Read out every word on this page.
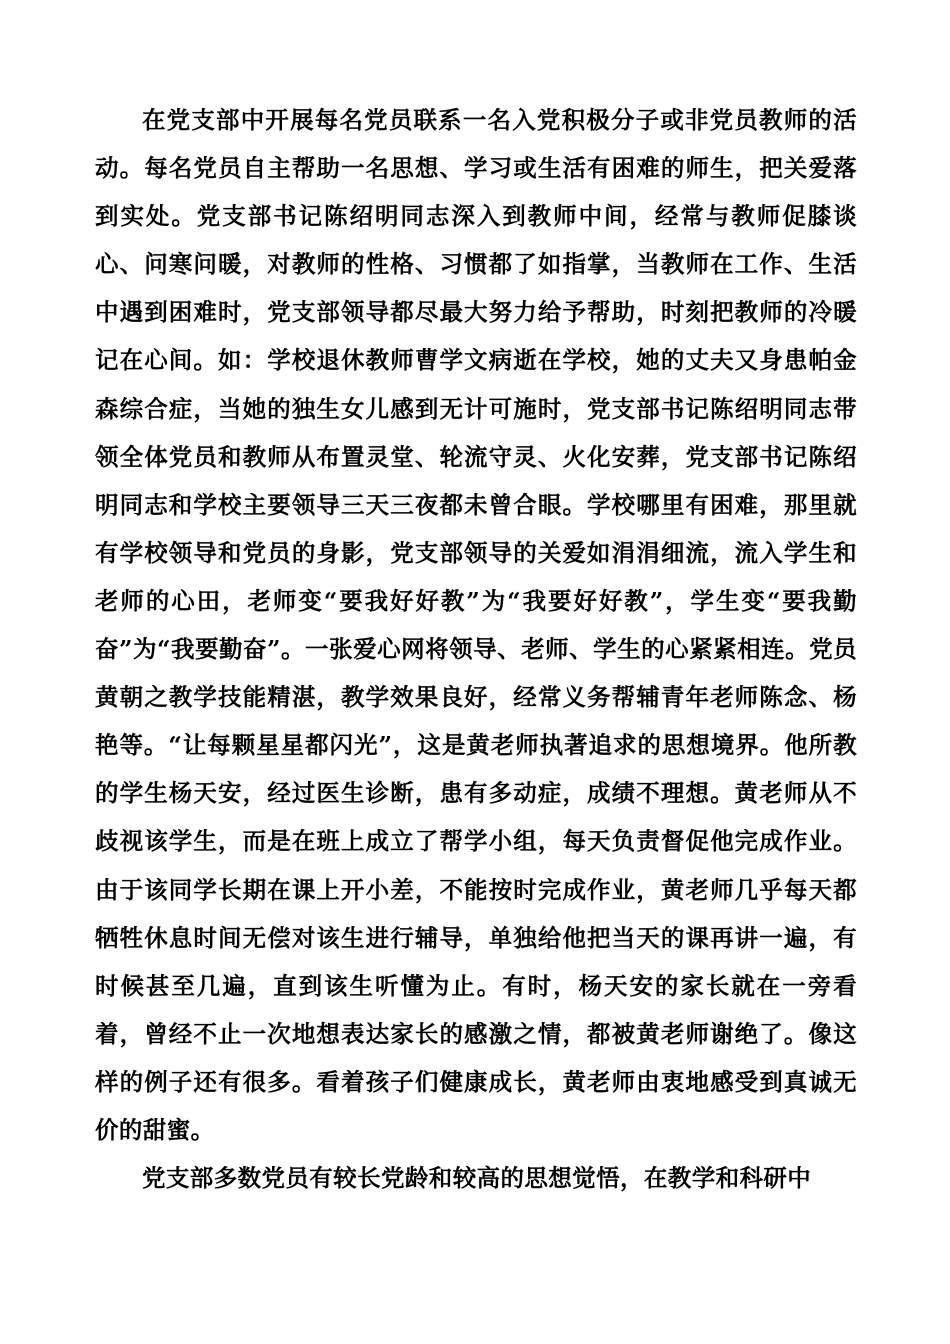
在党支部中开展每名党员联系一名入党积极分子或非党员教师的活动。每名党员自主帮助一名思想、学习或生活有困难的师生，把关爱落到实处。党支部书记陈绍明同志深入到教师中间，经常与教师促膝谈心、问寒问暖，对教师的性格、习惯都了如指掌，当教师在工作、生活中遇到困难时，党支部领导都尽最大努力给予帮助，时刻把教师的冷暖记在心间。如：学校退休教师曹学文病逝在学校，她的丈夫又身患帕金森综合症，当她的独生女儿感到无计可施时，党支部书记陈绍明同志带领全体党员和教师从布置灵堂、轮流守灵、火化安葬，党支部书记陈绍明同志和学校主要领导三天三夜都未曾合眼。学校哪里有困难，那里就有学校领导和党员的身影，党支部领导的关爱如涓涓细流，流入学生和老师的心田，老师变“要我好好教”为“我要好好教”，学生变“要我勤奋”为“我要勤奋”。一张爱心网将领导、老师、学生的心紧紧相连。党员黄朝之教学技能精湛，教学效果良好，经常义务帮辅青年老师陈念、杨艳等。“让每颗星星都闪光”，这是黄老师执著追求的思想境界。他所教的学生杨天安，经过医生诊断，患有多动症，成绩不理想。黄老师从不歧视该学生，而是在班上成立了帮学小组，每天负责督促他完成作业。由于该同学长期在课上开小差，不能按时完成作业，黄老师几乎每天都牺牲休息时间无偿对该生进行辅导，单独给他把当天的课再讲一遍，有时候甚至几遍，直到该生听懂为止。有时，杨天安的家长就在一旁看着，曾经不止一次地想表达家长的感激之情，都被黄老师谢绝了。像这样的例子还有很多。看着孩子们健康成长，黄老师由衷地感受到真诚无价的甜蜜。

党支部多数党员有较长党龄和较高的思想觉悟，在教学和科研中
